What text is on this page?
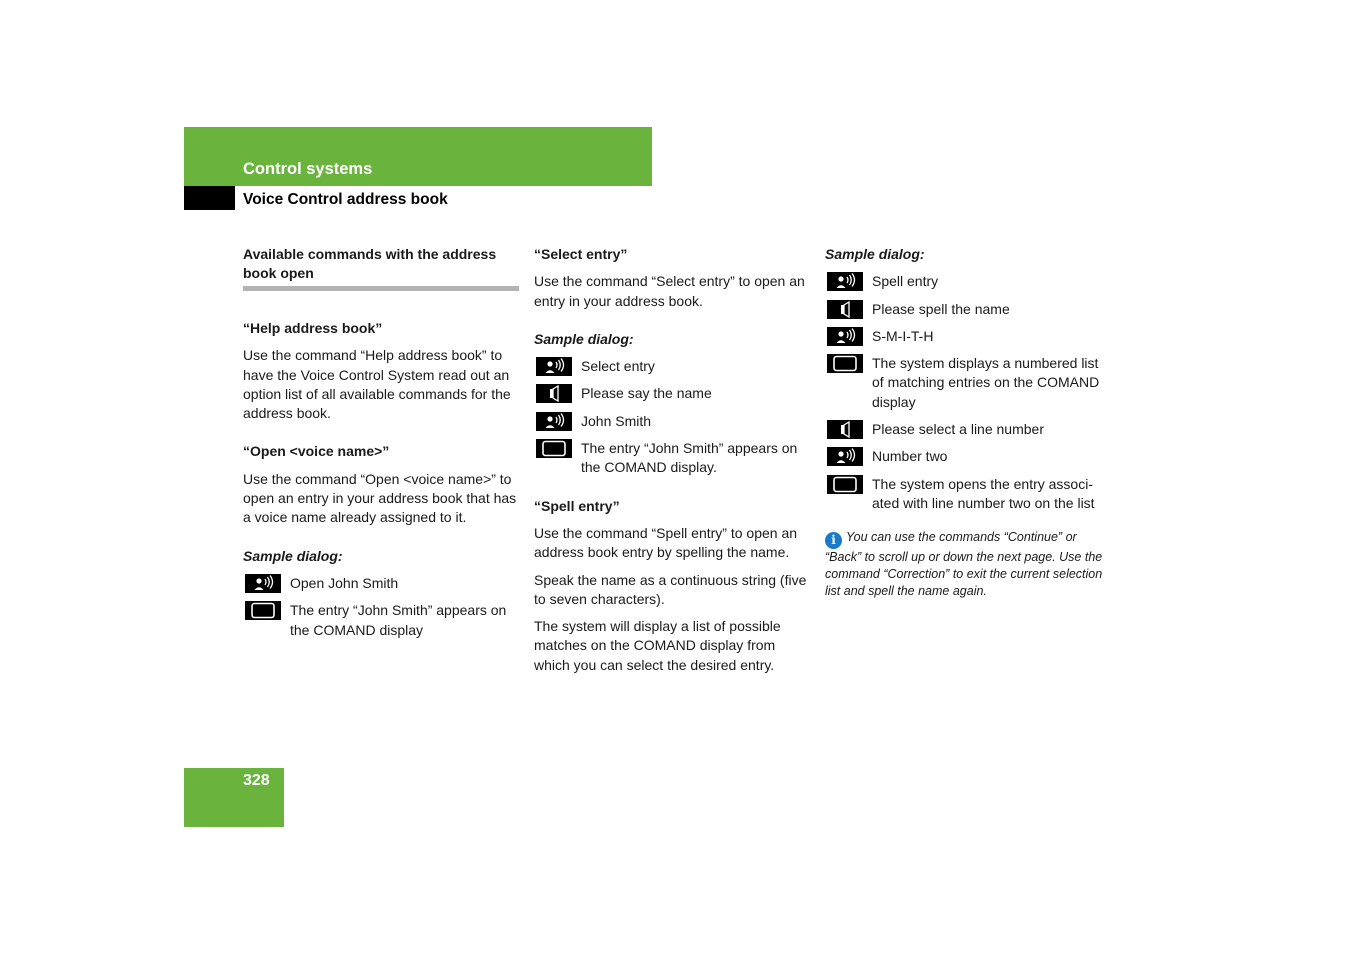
Control systems
Voice Control address book
Available commands with the address book open

“Help address book”

Use the command “Help address book” to have the Voice Control System read out an option list of all available commands for the address book.

“Open <voice name>”

Use the command “Open <voice name>” to open an entry in your address book that has a voice name already assigned to it.

Sample dialog:

Open John Smith
The entry “John Smith” appears on the COMAND display

“Select entry”

Use the command “Select entry” to open an entry in your address book.

Sample dialog:

Select entry
Please say the name
John Smith
The entry “John Smith” appears on the COMAND display.

“Spell entry”

Use the command “Spell entry” to open an address book entry by spelling the name.

Speak the name as a continuous string (five to seven characters).

The system will display a list of possible matches on the COMAND display from which you can select the desired entry.

Sample dialog:

Spell entry
Please spell the name
S-M-I-T-H
The system displays a numbered list of matching entries on the COMAND display
Please select a line number
Number two
The system opens the entry associ-ated with line number two on the list

i You can use the commands “Continue” or “Back” to scroll up or down the next page. Use the command “Correction” to exit the current selection list and spell the name again.

328
